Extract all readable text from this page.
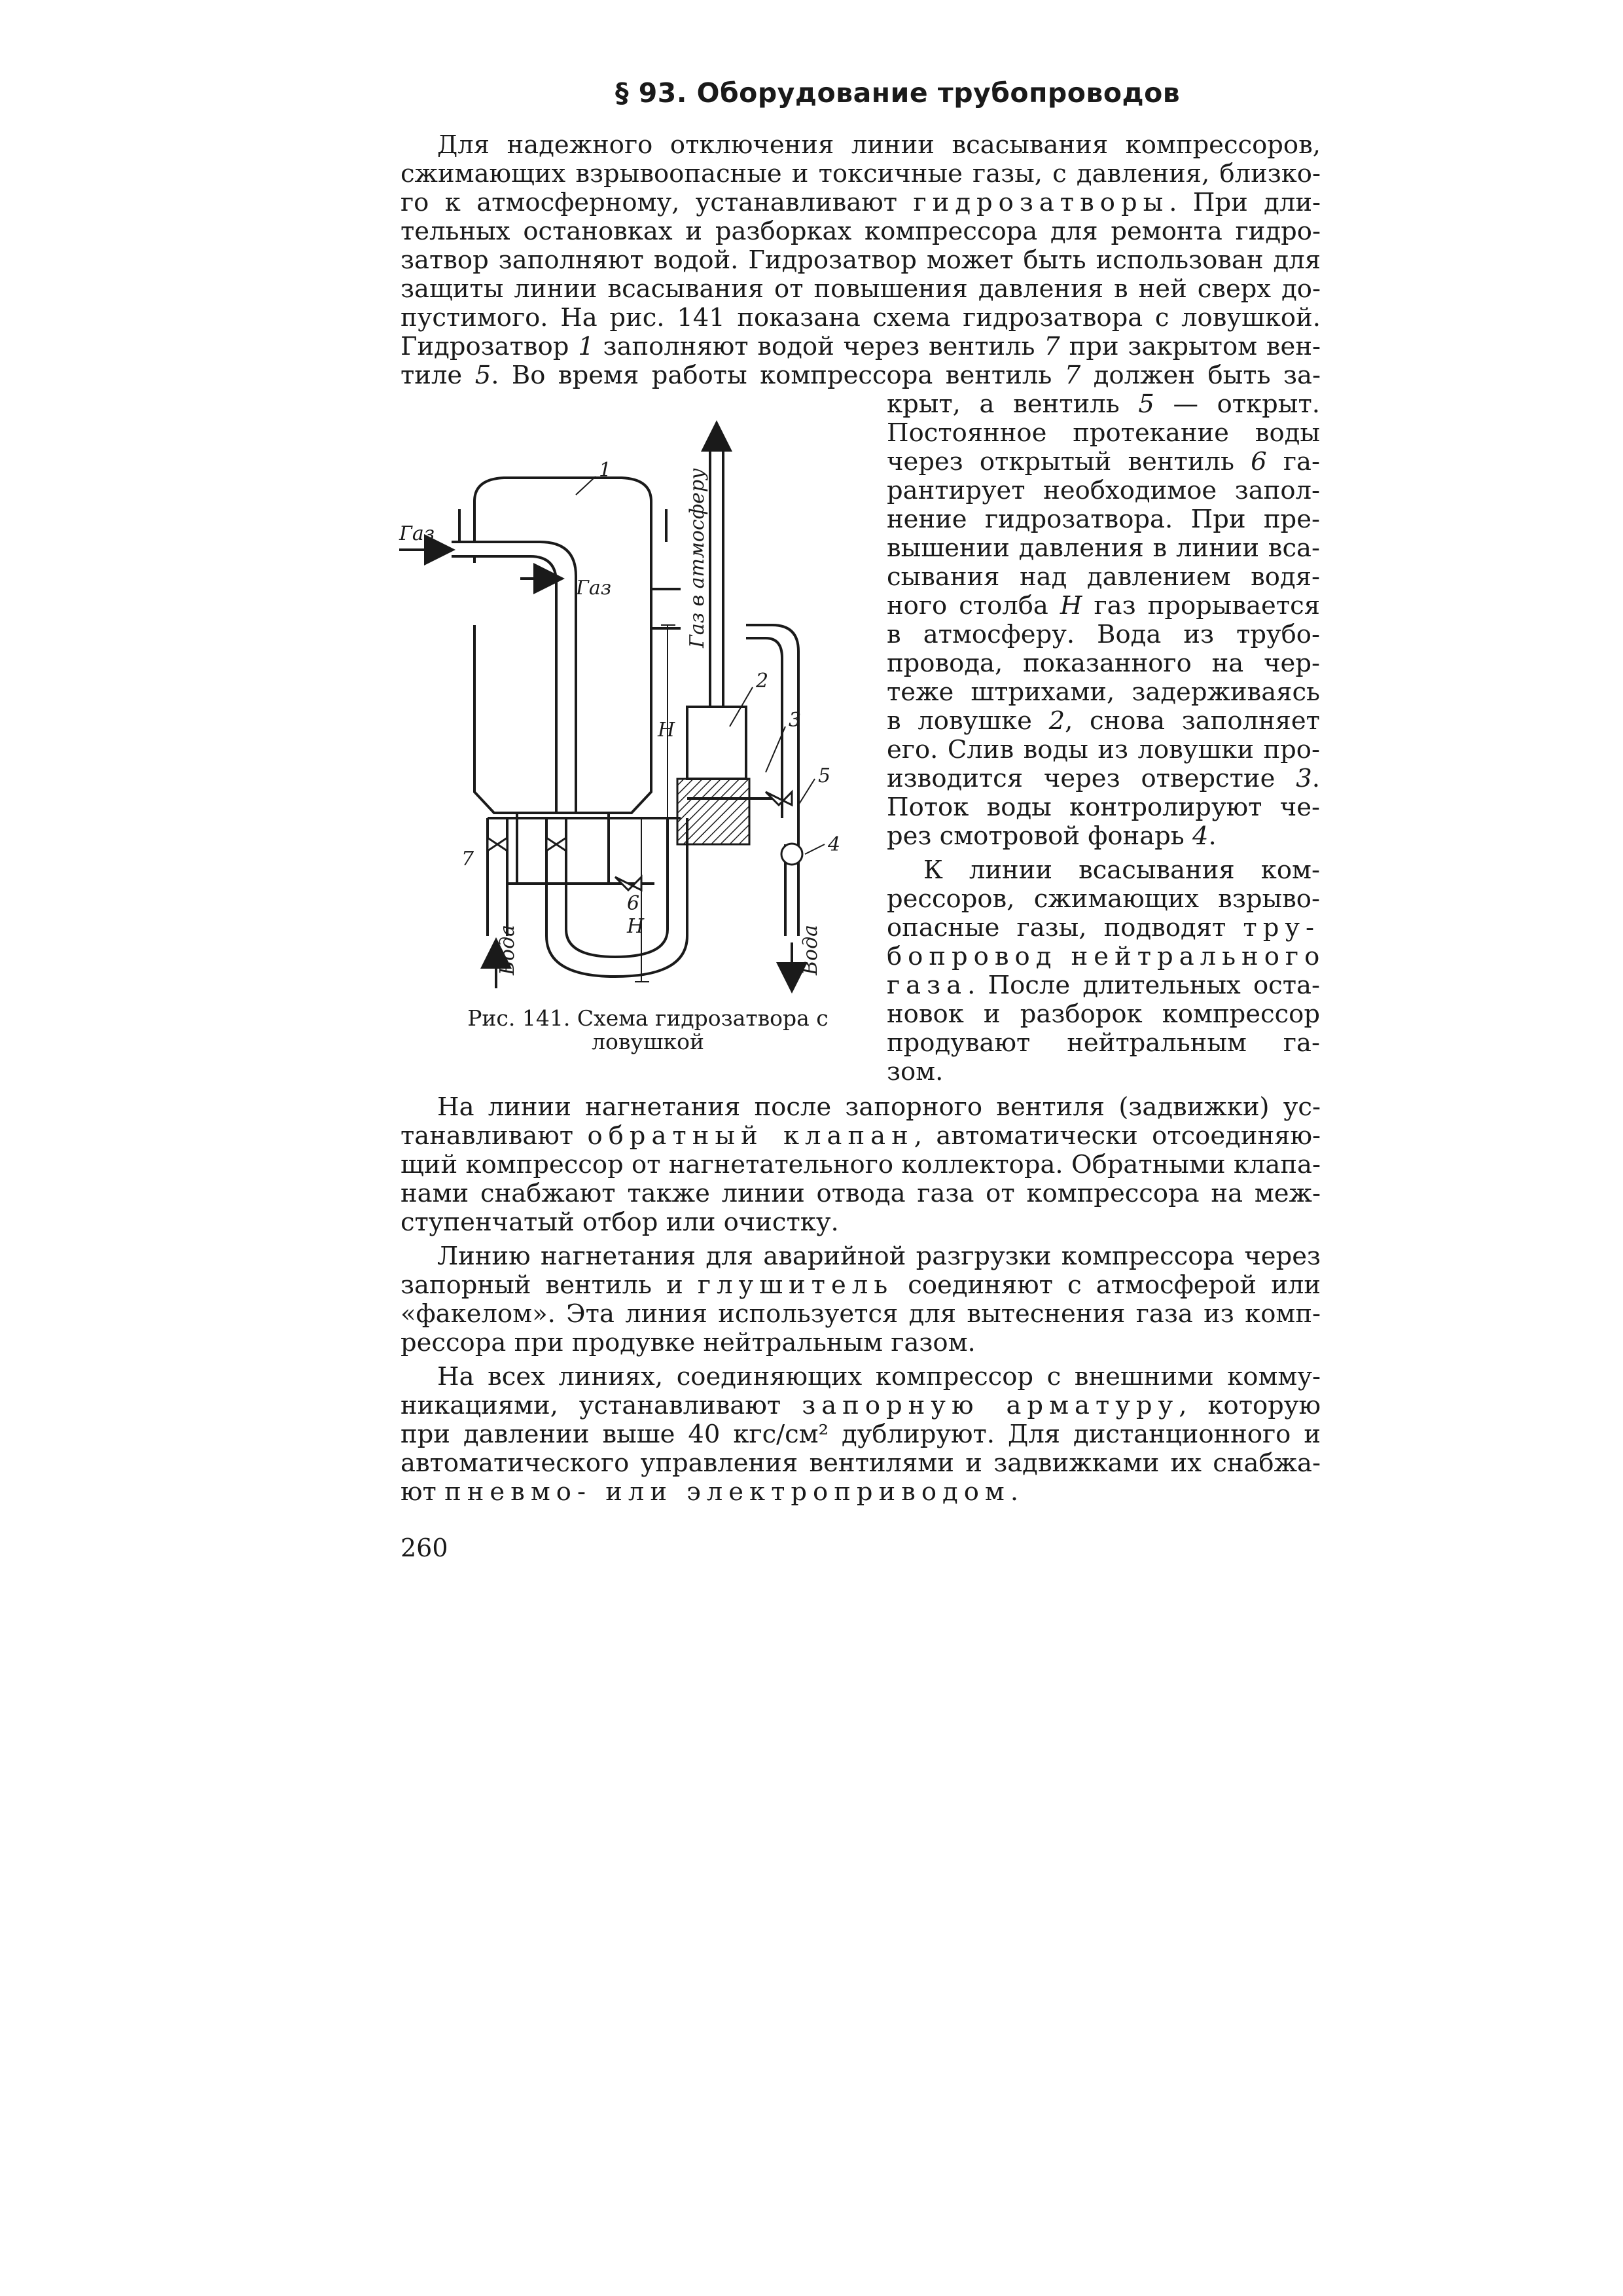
§ 93. Оборудование трубопроводов
Для надежного отключения линии всасывания компрессоров,
сжимающих взрывоопасные и токсичные газы, с давления, близко-
го к атмосферному, устанавливают гидрозатворы. При дли-
тельных остановках и разборках компрессора для ремонта гидро-
затвор заполняют водой. Гидрозатвор может быть использован для
защиты линии всасывания от повышения давления в ней сверх до-
пустимого. На рис. 141 показана схема гидрозатвора с ловушкой.
Гидрозатвор 1 заполняют водой через вентиль 7 при закрытом вен-
тиле 5. Во время работы компрессора вентиль 7 должен быть за-
крыт, а вентиль 5 — открыт.
Постоянное протекание воды
через открытый вентиль 6 га-
рантирует необходимое запол-
нение гидрозатвора. При пре-
вышении давления в линии вса-
сывания над давлением водя-
ного столба H газ прорывается
в атмосферу. Вода из трубо-
провода, показанного на чер-
теже штрихами, задерживаясь
в ловушке 2, снова заполняет
его. Слив воды из ловушки про-
изводится через отверстие 3.
Поток воды контролируют че-
рез смотровой фонарь 4.
К линии всасывания ком-
рессоров, сжимающих взрыво-
опасные газы, подводят тру-
бопровод нейтрального
газа. После длительных оста-
новок и разборок компрессор
продувают нейтральным га-
зом.
На линии нагнетания после запорного вентиля (задвижки) ус-
танавливают обратный клапан, автоматически отсоединяю-
щий компрессор от нагнетательного коллектора. Обратными клапа-
нами снабжают также линии отвода газа от компрессора на меж-
ступенчатый отбор или очистку.
Линию нагнетания для аварийной разгрузки компрессора через
запорный вентиль и глушитель соединяют с атмосферой или
«факелом». Эта линия используется для вытеснения газа из комп-
рессора при продувке нейтральным газом.
На всех линиях, соединяющих компрессор с внешними комму-
никациями, устанавливают запорную арматуру, которую
при давлении выше 40 кгс/см² дублируют. Для дистанционного и
автоматического управления вентилями и задвижками их снабжа-
ют пневмо- или электроприводом.
260
Рис. 141. Схема гидрозатвора с ловушкой
Газ
Газ	Газ в атмосферу
Вода	Вода
H
H
1
2
3
4
5
6
7
